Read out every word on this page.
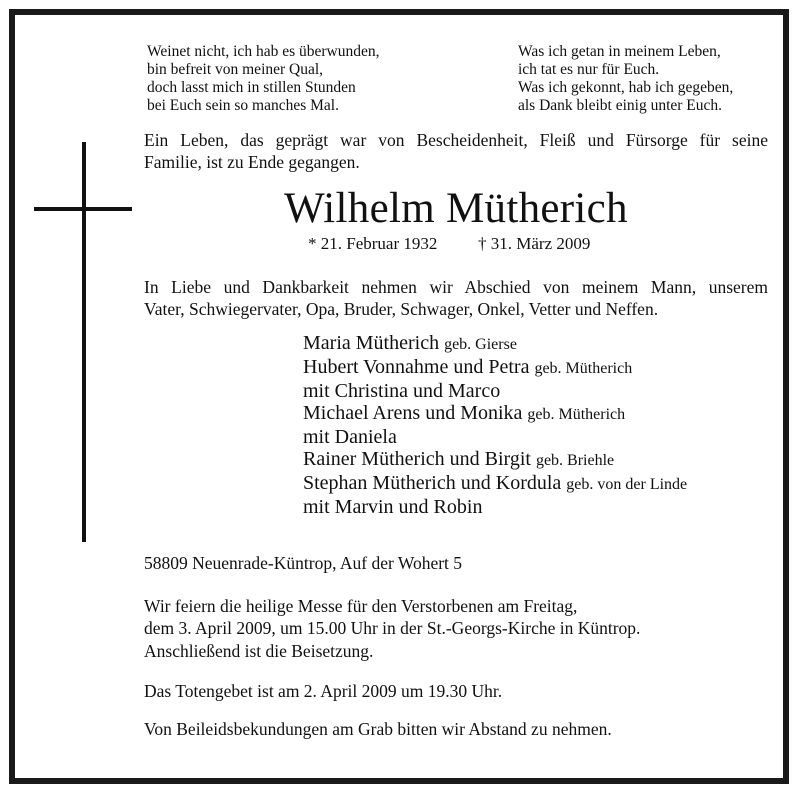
Weinet nicht, ich hab es überwunden,
bin befreit von meiner Qual,
doch lasst mich in stillen Stunden
bei Euch sein so manches Mal.
Was ich getan in meinem Leben,
ich tat es nur für Euch.
Was ich gekonnt, hab ich gegeben,
als Dank bleibt einig unter Euch.
Ein Leben, das geprägt war von Bescheidenheit, Fleiß und Fürsorge für seine
Familie, ist zu Ende gegangen.
Wilhelm Mütherich
* 21. Februar 1932 † 31. März 2009
In Liebe und Dankbarkeit nehmen wir Abschied von meinem Mann, unserem
Vater, Schwiegervater, Opa, Bruder, Schwager, Onkel, Vetter und Neffen.
Maria Mütherich geb. Gierse
Hubert Vonnahme und Petra geb. Mütherich
mit Christina und Marco
Michael Arens und Monika geb. Mütherich
mit Daniela
Rainer Mütherich und Birgit geb. Briehle
Stephan Mütherich und Kordula geb. von der Linde
mit Marvin und Robin
58809 Neuenrade-Küntrop, Auf der Wohert 5
Wir feiern die heilige Messe für den Verstorbenen am Freitag,
dem 3. April 2009, um 15.00 Uhr in der St.-Georgs-Kirche in Küntrop.
Anschließend ist die Beisetzung.
Das Totengebet ist am 2. April 2009 um 19.30 Uhr.
Von Beileidsbekundungen am Grab bitten wir Abstand zu nehmen.
